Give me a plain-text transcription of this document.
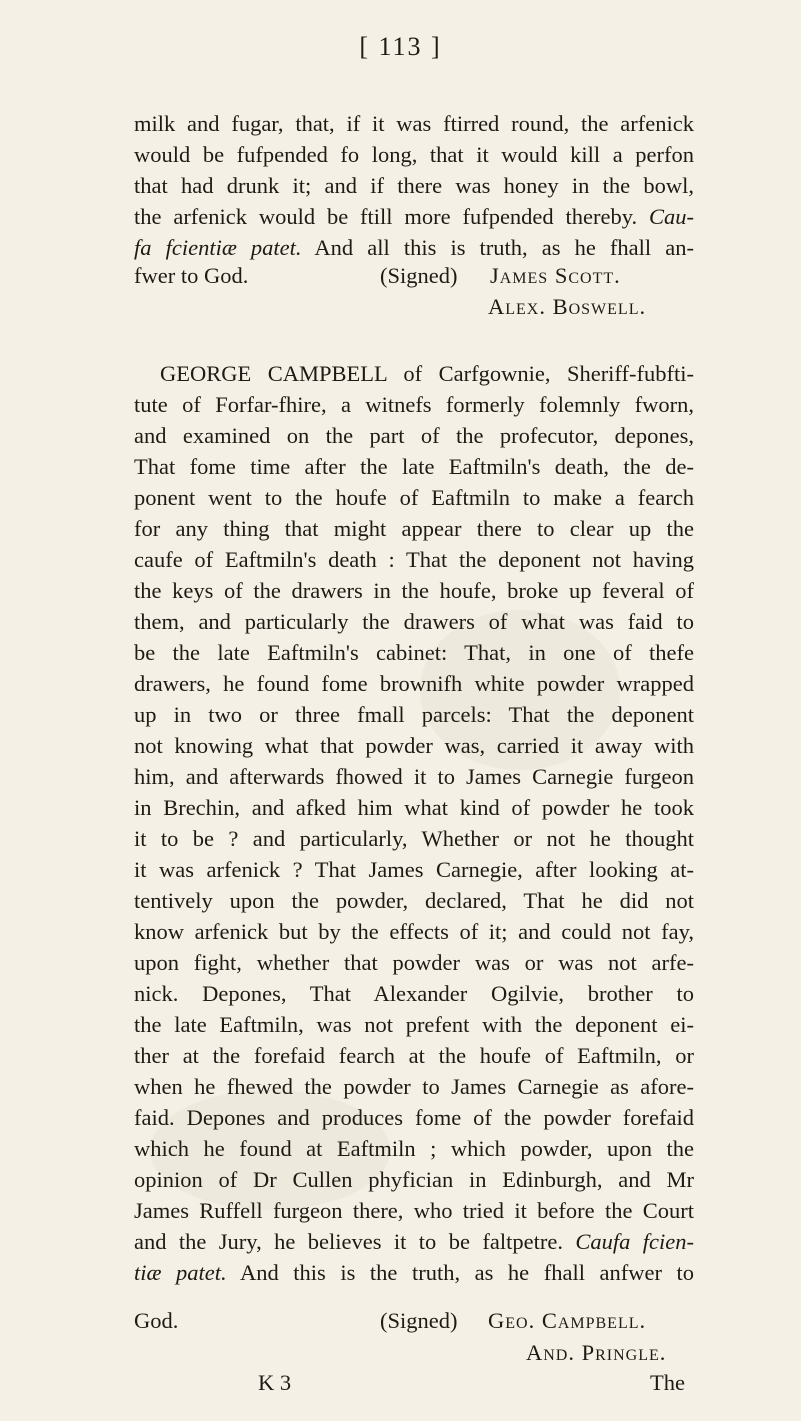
[ 113 ]
milk and fugar, that, if it was ftirred round, the arfenick
would be fufpended fo long, that it would kill a perfon
that had drunk it; and if there was honey in the bowl,
the arfenick would be ftill more fufpended thereby. Cau-
fa fcientiæ patet. And all this is truth, as he fhall an-
fwer to God.	(Signed) James Scott.
Alex. Boswell.
GEORGE CAMPBELL of Carfgownie, Sheriff-fubfti-
tute of Forfar-fhire, a witnefs formerly folemnly fworn,
and examined on the part of the profecutor, depones,
That fome time after the late Eaftmiln's death, the de-
ponent went to the houfe of Eaftmiln to make a fearch
for any thing that might appear there to clear up the
caufe of Eaftmiln's death : That the deponent not having
the keys of the drawers in the houfe, broke up feveral of
them, and particularly the drawers of what was faid to
be the late Eaftmiln's cabinet: That, in one of thefe
drawers, he found fome brownifh white powder wrapped
up in two or three fmall parcels: That the deponent
not knowing what that powder was, carried it away with
him, and afterwards fhowed it to James Carnegie furgeon
in Brechin, and afked him what kind of powder he took
it to be ? and particularly, Whether or not he thought
it was arfenick ? That James Carnegie, after looking at-
tentively upon the powder, declared, That he did not
know arfenick but by the effects of it; and could not fay,
upon fight, whether that powder was or was not arfe-
nick. Depones, That Alexander Ogilvie, brother to
the late Eaftmiln, was not prefent with the deponent ei-
ther at the forefaid fearch at the houfe of Eaftmiln, or
when he fhewed the powder to James Carnegie as afore-
faid. Depones and produces fome of the powder forefaid
which he found at Eaftmiln ; which powder, upon the
opinion of Dr Cullen phyfician in Edinburgh, and Mr
James Ruffell furgeon there, who tried it before the Court
and the Jury, he believes it to be faltpetre. Caufa fcien-
tiæ patet. And this is the truth, as he fhall anfwer to
God.	(Signed) Geo. Campbell.
And. Pringle.
K 3	The
